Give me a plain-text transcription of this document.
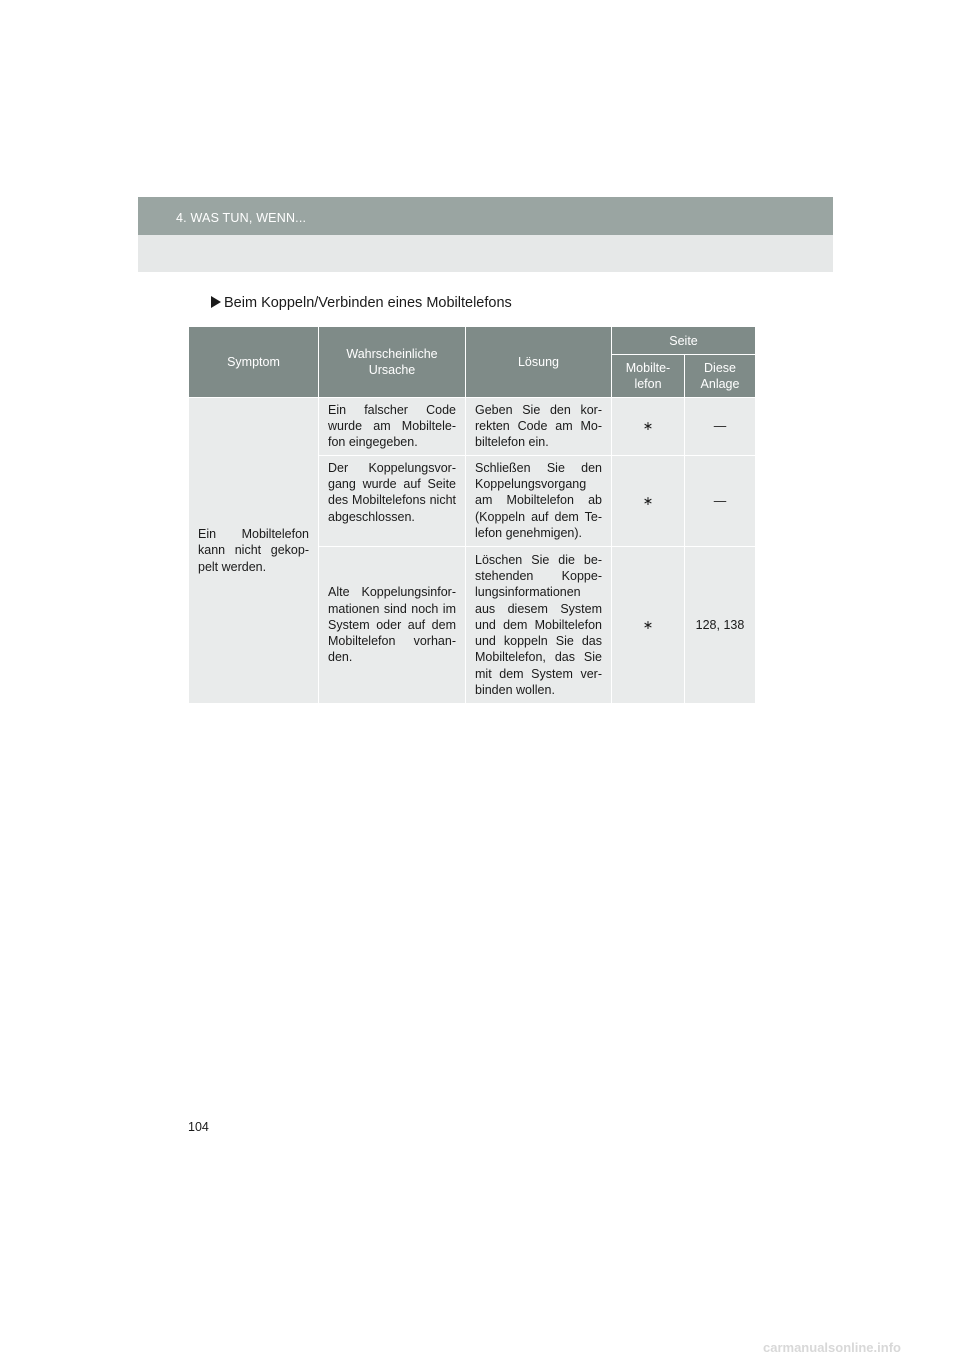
4. WAS TUN, WENN...
Beim Koppeln/Verbinden eines Mobiltelefons
Symptom	Wahrscheinliche Ursache	Lösung	Seite	
			Mobilte-lefon	Diese Anlage
Ein Mobiltelefon kann nicht gekop-pelt werden.	Ein falscher Code wurde am Mobiltele-fon eingegeben.	Geben Sie den kor-rekten Code am Mo-biltelefon ein.	∗	—
	Der Koppelungsvor-gang wurde auf Seite des Mobiltelefons nicht abgeschlossen.	Schließen Sie den Koppelungsvorgang am Mobiltelefon ab (Koppeln auf dem Te-lefon genehmigen).	∗	—
	Alte Koppelungsinfor-mationen sind noch im System oder auf dem Mobiltelefon vorhan-den.	Löschen Sie die be-stehenden Koppe-lungsinformationen aus diesem System und dem Mobiltelefon und koppeln Sie das Mobiltelefon, das Sie mit dem System ver-binden wollen.	∗	128, 138
104
carmanualsonline.info
